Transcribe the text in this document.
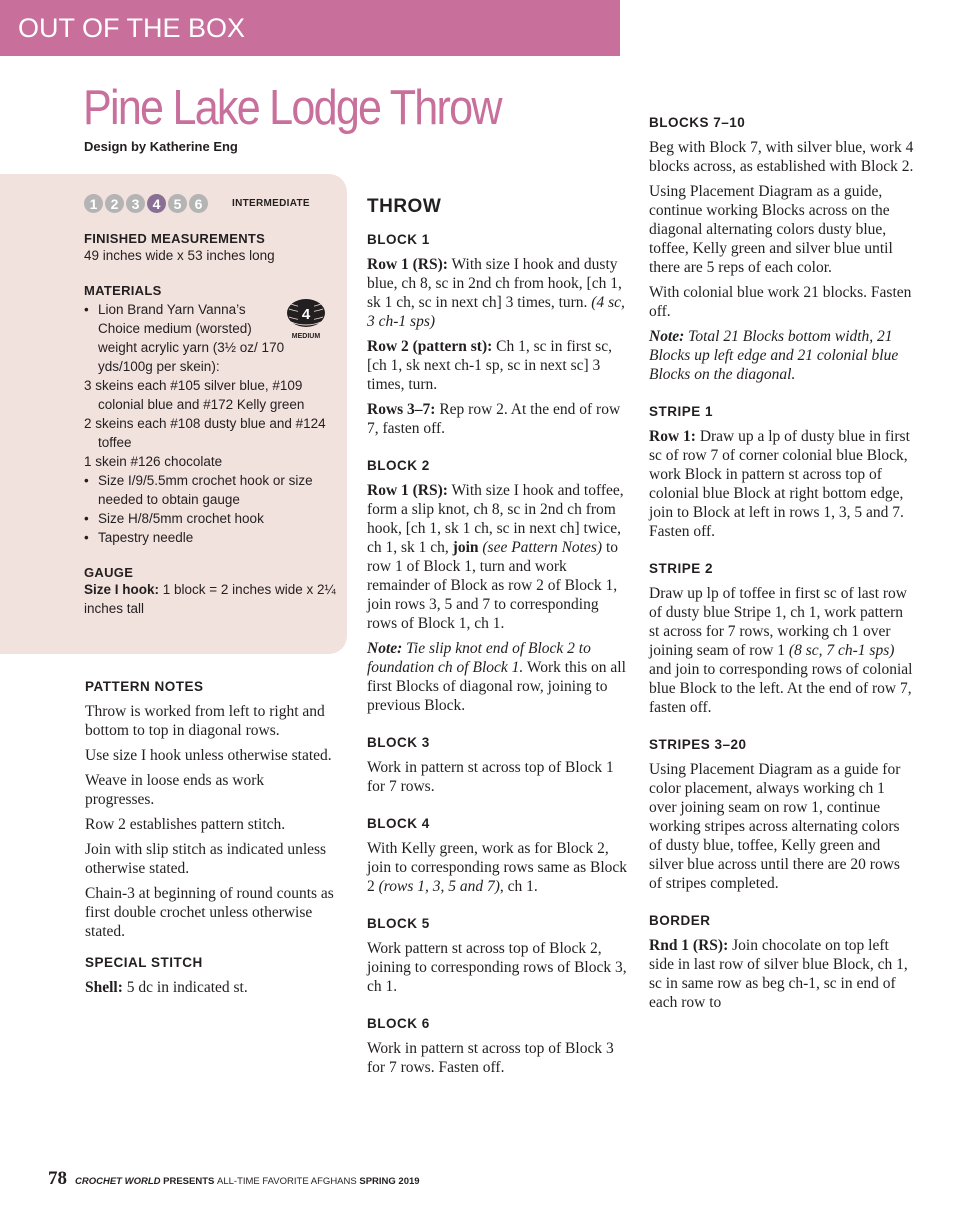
OUT OF THE BOX
Pine Lake Lodge Throw
Design by Katherine Eng
1 2 3 4 5 6	INTERMEDIATE
FINISHED MEASUREMENTS
49 inches wide x 53 inches long
MATERIALS
• Lion Brand Yarn Vanna’s Choice medium (worsted) weight acrylic yarn (3½ oz/ 170 yds/100g per skein):
3 skeins each #105 silver blue, #109 colonial blue and #172 Kelly green
2 skeins each #108 dusty blue and #124 toffee
1 skein #126 chocolate
• Size I/9/5.5mm crochet hook or size needed to obtain gauge
• Size H/8/5mm crochet hook
• Tapestry needle
GAUGE
Size I hook: 1 block = 2 inches wide x 2¼ inches tall
4
MEDIUM
PATTERN NOTES

Throw is worked from left to right and bottom to top in diagonal rows.

Use size I hook unless otherwise stated.

Weave in loose ends as work progresses.

Row 2 establishes pattern stitch.

Join with slip stitch as indicated unless otherwise stated.

Chain-3 at beginning of round counts as first double crochet unless otherwise stated.

SPECIAL STITCH

Shell: 5 dc in indicated st.

THROW
BLOCK 1

Row 1 (RS): With size I hook and dusty blue, ch 8, sc in 2nd ch from hook, [ch 1, sk 1 ch, sc in next ch] 3 times, turn. (4 sc, 3 ch-1 sps)

Row 2 (pattern st): Ch 1, sc in first sc, [ch 1, sk next ch-1 sp, sc in next sc] 3 times, turn.

Rows 3–7: Rep row 2. At the end of row 7, fasten off.

BLOCK 2

Row 1 (RS): With size I hook and toffee, form a slip knot, ch 8, sc in 2nd ch from hook, [ch 1, sk 1 ch, sc in next ch] twice, ch 1, sk 1 ch, join (see Pattern Notes) to row 1 of Block 1, turn and work remainder of Block as row 2 of Block 1, join rows 3, 5 and 7 to corresponding rows of Block 1, ch 1.

Note: Tie slip knot end of Block 2 to foundation ch of Block 1. Work this on all first Blocks of diagonal row, joining to previous Block.

BLOCK 3

Work in pattern st across top of Block 1 for 7 rows.

BLOCK 4

With Kelly green, work as for Block 2, join to corresponding rows same as Block 2 (rows 1, 3, 5 and 7), ch 1.

BLOCK 5

Work pattern st across top of Block 2, joining to corresponding rows of Block 3, ch 1.

BLOCK 6

Work in pattern st across top of Block 3 for 7 rows. Fasten off.

BLOCKS 7–10

Beg with Block 7, with silver blue, work 4 blocks across, as established with Block 2.

Using Placement Diagram as a guide, continue working Blocks across on the diagonal alternating colors dusty blue, toffee, Kelly green and silver blue until there are 5 reps of each color.

With colonial blue work 21 blocks. Fasten off.

Note: Total 21 Blocks bottom width, 21 Blocks up left edge and 21 colonial blue Blocks on the diagonal.

STRIPE 1

Row 1: Draw up a lp of dusty blue in first sc of row 7 of corner colonial blue Block, work Block in pattern st across top of colonial blue Block at right bottom edge, join to Block at left in rows 1, 3, 5 and 7. Fasten off.

STRIPE 2

Draw up lp of toffee in first sc of last row of dusty blue Stripe 1, ch 1, work pattern st across for 7 rows, working ch 1 over joining seam of row 1 (8 sc, 7 ch-1 sps) and join to corresponding rows of colonial blue Block to the left. At the end of row 7, fasten off.

STRIPES 3–20

Using Placement Diagram as a guide for color placement, always working ch 1 over joining seam on row 1, continue working stripes across alternating colors of dusty blue, toffee, Kelly green and silver blue across until there are 20 rows of stripes completed.

BORDER

Rnd 1 (RS): Join chocolate on top left side in last row of silver blue Block, ch 1, sc in same row as beg ch-1, sc in end of each row to

78 CROCHET WORLD PRESENTS ALL-TIME FAVORITE AFGHANS SPRING 2019
